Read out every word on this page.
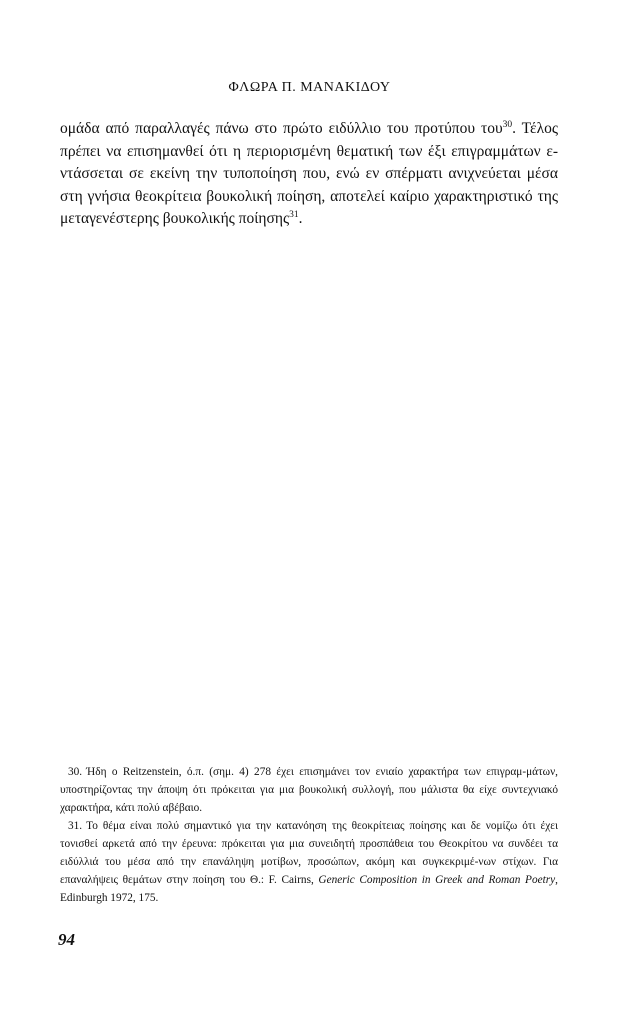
ΦΛΩΡΑ Π. ΜΑΝΑΚΙΔΟΥ

ομάδα από παραλλαγές πάνω στο πρώτο ειδύλλιο του προτύπου του$^{30}$. Τέλος πρέπει να επισημανθεί ότι η περιορισμένη θεματική των έξι επιγραμμάτων ε-ντάσσεται σε εκείνη την τυποποίηση που, ενώ εν σπέρματι ανιχνεύεται μέσα στη γνήσια θεοκρίτεια βουκολική ποίηση, αποτελεί καίριο χαρακτηριστικό της μεταγενέστερης βουκολικής ποίησης$^{31}$.

30. Ήδη ο Reitzenstein, ό.π. (σημ. 4) 278 έχει επισημάνει τον ενιαίο χαρακτήρα των επιγραμ-μάτων, υποστηρίζοντας την άποψη ότι πρόκειται για μια βουκολική συλλογή, που μάλιστα θα είχε συντεχνιακό χαρακτήρα, κάτι πολύ αβέβαιο.

31. Το θέμα είναι πολύ σημαντικό για την κατανόηση της θεοκρίτειας ποίησης και δε νομίζω ότι έχει τονισθεί αρκετά από την έρευνα: πρόκειται για μια συνειδητή προσπάθεια του Θεοκρίτου να συνδέει τα ειδύλλιά του μέσα από την επανάληψη μοτίβων, προσώπων, ακόμη και συγκεκριμέ-νων στίχων. Για επαναλήψεις θεμάτων στην ποίηση του Θ.: F. Cairns, Generic Composition in Greek and Roman Poetry, Edinburgh 1972, 175.

94
